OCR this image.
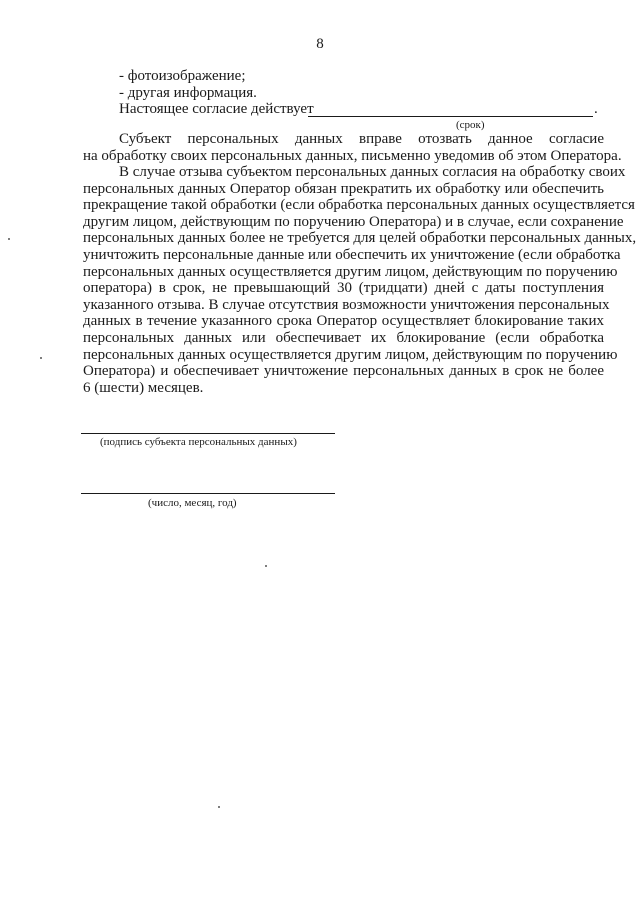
8
- фотоизображение;
- другая информация.
Настоящее согласие действует	.
(срок)
Субъект персональных данных вправе отозвать данное согласие
на обработку своих персональных данных, письменно уведомив об этом Оператора.
В случае отзыва субъектом персональных данных согласия на обработку своих
персональных данных Оператор обязан прекратить их обработку или обеспечить
прекращение такой обработки (если обработка персональных данных осуществляется
другим лицом, действующим по поручению Оператора) и в случае, если сохранение
персональных данных более не требуется для целей обработки персональных данных,
уничтожить персональные данные или обеспечить их уничтожение (если обработка
персональных данных осуществляется другим лицом, действующим по поручению
оператора) в срок, не превышающий 30 (тридцати) дней с даты поступления
указанного отзыва. В случае отсутствия возможности уничтожения персональных
данных в течение указанного срока Оператор осуществляет блокирование таких
персональных данных или обеспечивает их блокирование (если обработка
персональных данных осуществляется другим лицом, действующим по поручению
Оператора) и обеспечивает уничтожение персональных данных в срок не более
6 (шести) месяцев.
(подпись субъекта персональных данных)
(число, месяц, год)
